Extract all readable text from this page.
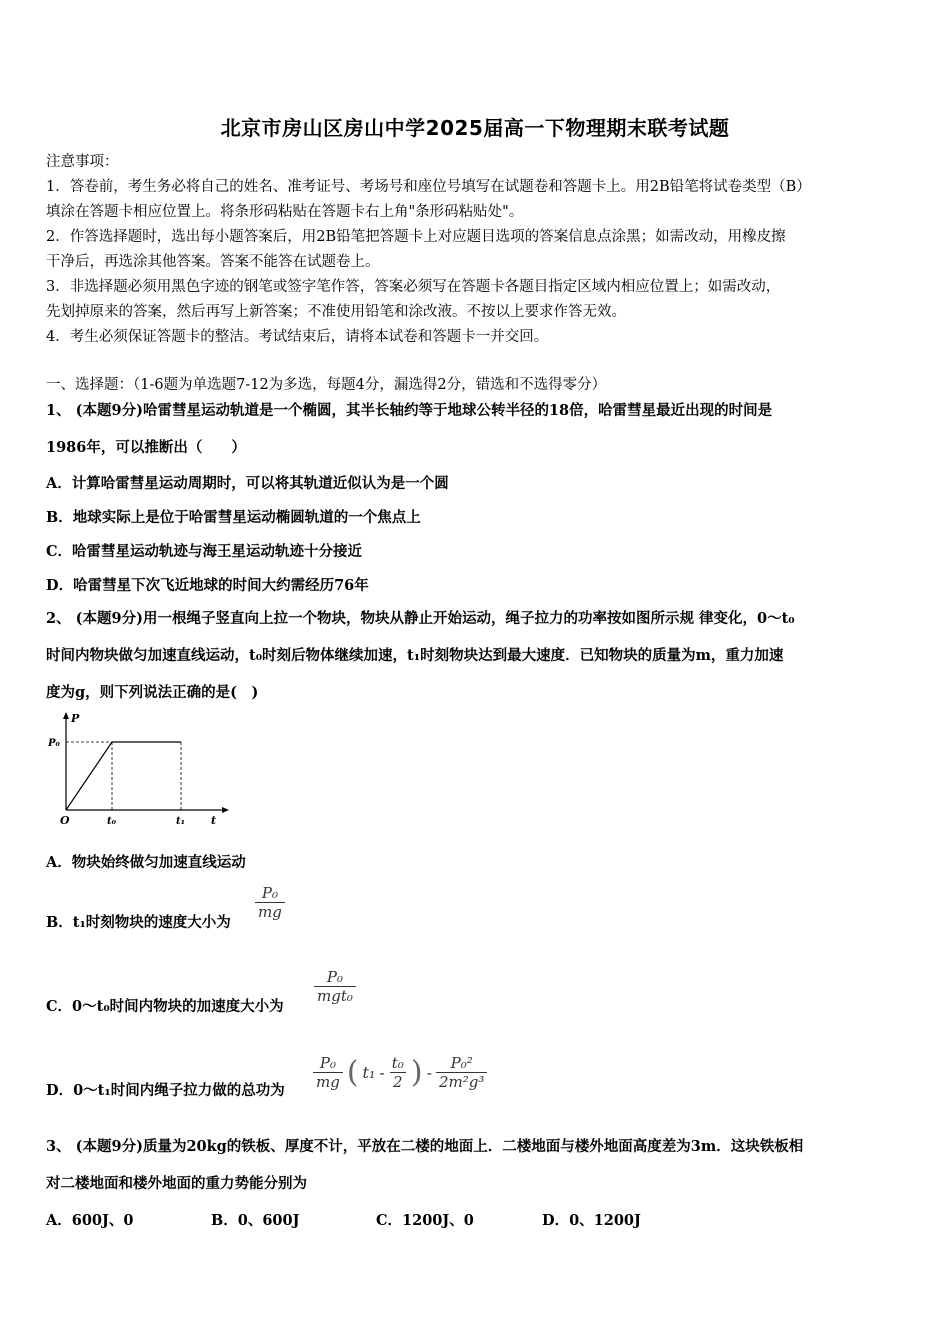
北京市房山区房山中学2025届高一下物理期末联考试题

注意事项：

1．答卷前，考生务必将自己的姓名、准考证号、考场号和座位号填写在试题卷和答题卡上。用2B铅笔将试卷类型（B）

填涂在答题卡相应位置上。将条形码粘贴在答题卡右上角"条形码粘贴处"。

2．作答选择题时，选出每小题答案后，用2B铅笔把答题卡上对应题目选项的答案信息点涂黑；如需改动，用橡皮擦

干净后，再选涂其他答案。答案不能答在试题卷上。

3．非选择题必须用黑色字迹的钢笔或签字笔作答，答案必须写在答题卡各题目指定区域内相应位置上；如需改动，

先划掉原来的答案，然后再写上新答案；不准使用铅笔和涂改液。不按以上要求作答无效。

4．考生必须保证答题卡的整洁。考试结束后，请将本试卷和答题卡一并交回。

一、选择题：（1-6题为单选题7-12为多选，每题4分，漏选得2分，错选和不选得零分）

1、 (本题9分)哈雷彗星运动轨道是一个椭圆，其半长轴约等于地球公转半径的18倍，哈雷彗星最近出现的时间是

1986年，可以推断出（　　）

A．计算哈雷彗星运动周期时，可以将其轨道近似认为是一个圆
B．地球实际上是位于哈雷彗星运动椭圆轨道的一个焦点上
C．哈雷彗星运动轨迹与海王星运动轨迹十分接近
D．哈雷彗星下次飞近地球的时间大约需经历76年

2、 (本题9分)用一根绳子竖直向上拉一个物块，物块从静止开始运动，绳子拉力的功率按如图所示规 律变化，0～t₀

时间内物块做匀加速直线运动，t₀时刻后物体继续加速，t₁时刻物块达到最大速度．已知物块的质量为m，重力加速

度为g，则下列说法正确的是(　)

P
P₀
O	t₀	t₁ t
A．物块始终做匀加速直线运动
B．t₁时刻物块的速度大小为
$\frac{\text{P₀}}{mg}$
C．0～t₀时间内物块的加速度大小为
$\frac{\text{P₀}}{\text{mgt₀}}$
D．0～t₁时间内绳子拉力做的总功为 $\frac{\text{P₀}}{mg}$ ( $t_1 - \frac{\text{t₀}}{2}$ ) - $\frac{\text{P₀²}}{\text{2m²g³}}$

3、 (本题9分)质量为20kg的铁板、厚度不计，平放在二楼的地面上．二楼地面与楼外地面高度差为3m．这块铁板相

对二楼地面和楼外地面的重力势能分别为

A．600J、0	B．0、600J	C．1200J、0	D．0、1200J
